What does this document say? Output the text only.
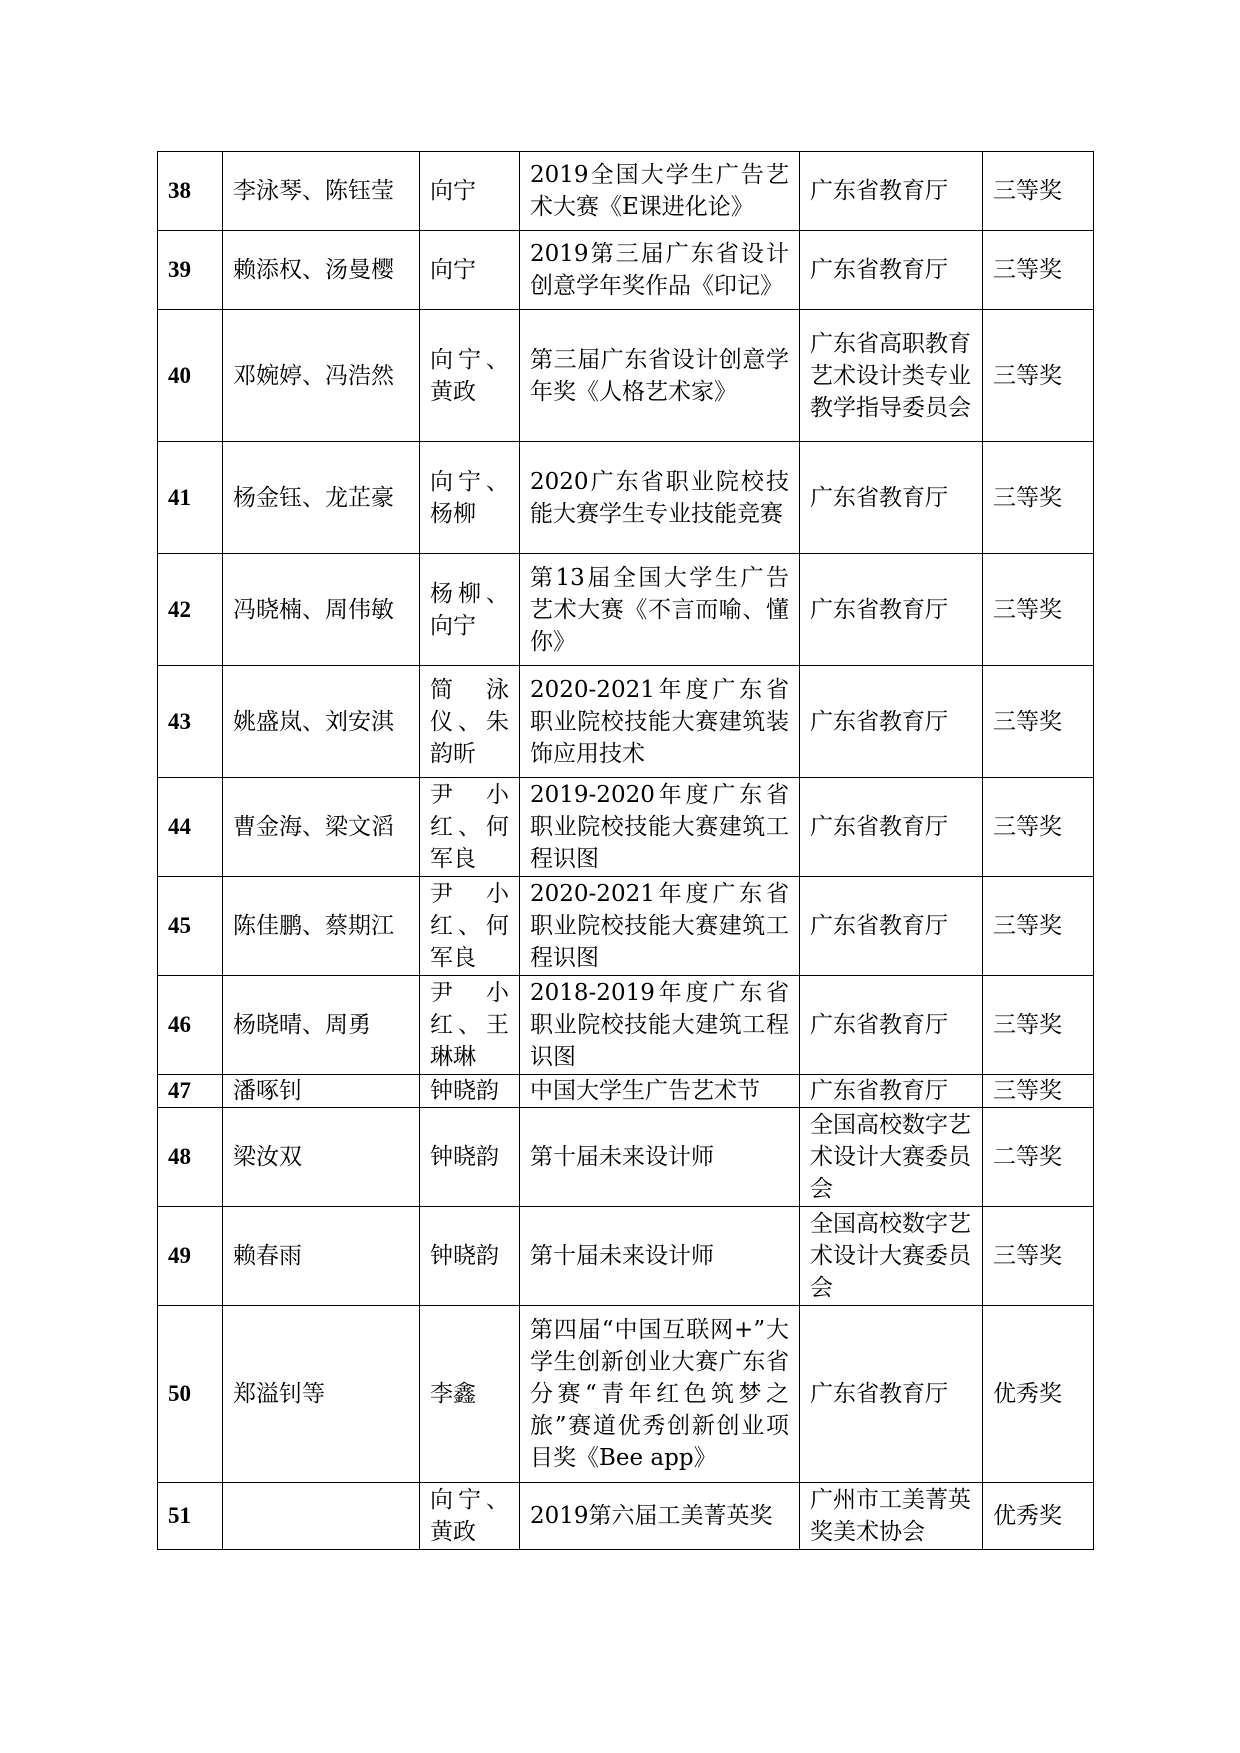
38	李泳琴、陈钰莹	向宁	2019全国大学生广告艺术大赛《E课进化论》	广东省教育厅	三等奖
39	赖添权、汤曼樱	向宁	2019第三届广东省设计创意学年奖作品《印记》	广东省教育厅	三等奖
40	邓婉婷、冯浩然	向宁、黄政	第三届广东省设计创意学年奖《人格艺术家》	广东省高职教育艺术设计类专业教学指导委员会	三等奖
41	杨金钰、龙芷豪	向宁、杨柳	2020广东省职业院校技能大赛学生专业技能竞赛	广东省教育厅	三等奖
42	冯晓楠、周伟敏	杨柳、向宁	第13届全国大学生广告艺术大赛《不言而喻、懂你》	广东省教育厅	三等奖
43	姚盛岚、刘安淇	简泳仪、朱韵昕	2020-2021年度广东省职业院校技能大赛建筑装饰应用技术	广东省教育厅	三等奖
44	曹金海、梁文滔	尹小红、何军良	2019-2020年度广东省职业院校技能大赛建筑工程识图	广东省教育厅	三等奖
45	陈佳鹏、蔡期江	尹小红、何军良	2020-2021年度广东省职业院校技能大赛建筑工程识图	广东省教育厅	三等奖
46	杨晓晴、周勇	尹小红、王琳琳	2018-2019年度广东省职业院校技能大建筑工程识图	广东省教育厅	三等奖
47	潘啄钊	钟晓韵	中国大学生广告艺术节	广东省教育厅	三等奖
48	梁汝双	钟晓韵	第十届未来设计师	全国高校数字艺术设计大赛委员会	二等奖
49	赖春雨	钟晓韵	第十届未来设计师	全国高校数字艺术设计大赛委员会	三等奖
50	郑溢钊等	李鑫	第四届“中国互联网+”大学生创新创业大赛广东省分赛“青年红色筑梦之旅”赛道优秀创新创业项目奖《Bee app》	广东省教育厅	优秀奖
51		向宁、黄政	2019第六届工美菁英奖	广州市工美菁英奖美术协会	优秀奖
